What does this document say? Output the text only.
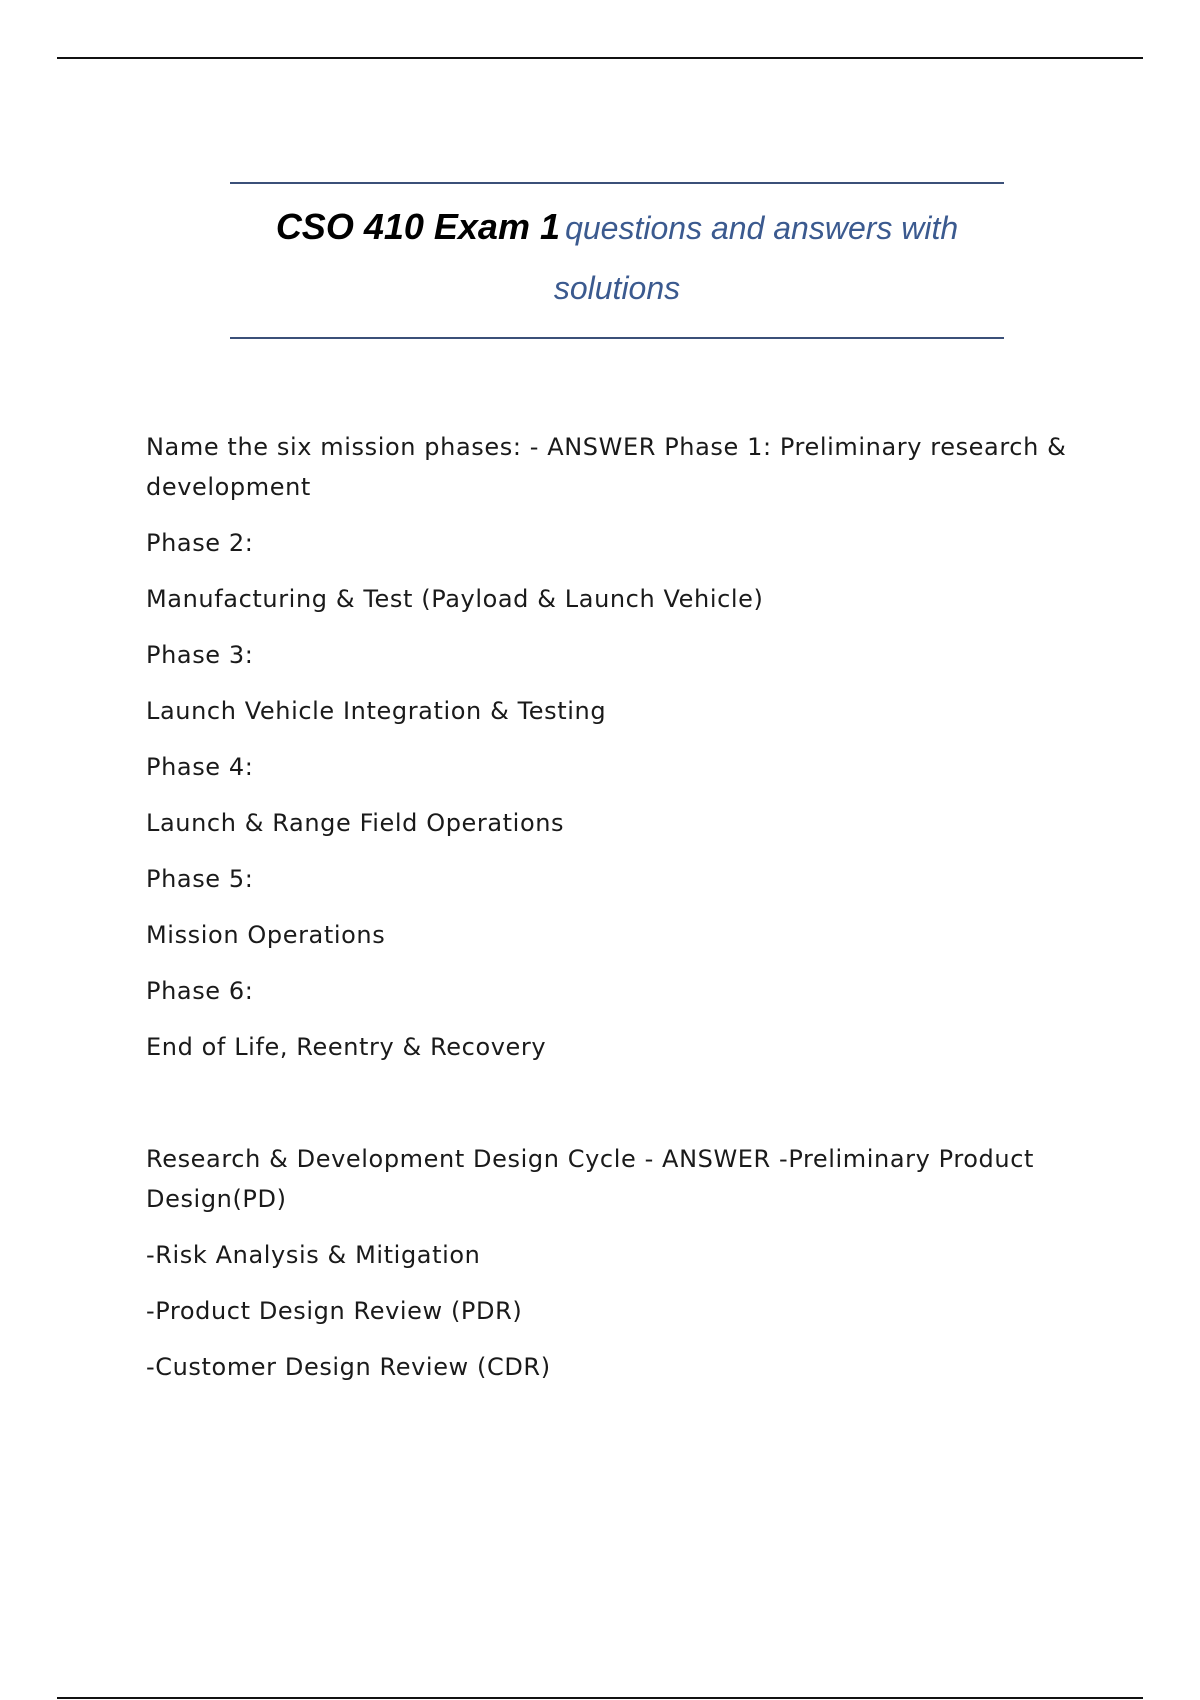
CSO 410 Exam 1 questions and answers with solutions

Name the six mission phases: - ANSWER Phase 1: Preliminary research & development

Phase 2:

Manufacturing & Test (Payload & Launch Vehicle)

Phase 3:

Launch Vehicle Integration & Testing

Phase 4:

Launch & Range Field Operations

Phase 5:

Mission Operations

Phase 6:

End of Life, Reentry & Recovery

Research & Development Design Cycle - ANSWER -Preliminary Product Design(PD)

-Risk Analysis & Mitigation

-Product Design Review (PDR)

-Customer Design Review (CDR)
